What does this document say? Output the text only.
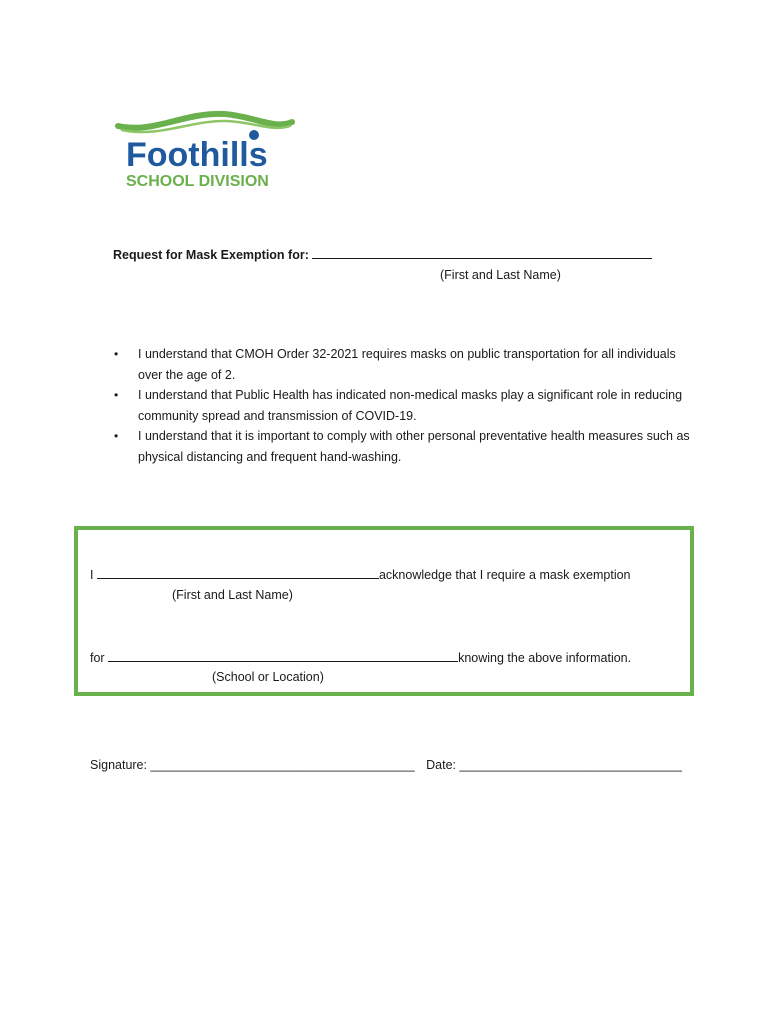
Foothills
SCHOOL DIVISION
Request for Mask Exemption for:
(First and Last Name)
• I understand that CMOH Order 32-2021 requires masks on public transportation for all individuals over the age of 2.
• I understand that Public Health has indicated non-medical masks play a significant role in reducing community spread and transmission of COVID-19.
• I understand that it is important to comply with other personal preventative health measures such as physical distancing and frequent hand-washing.
I	acknowledge that I require a mask exemption
(First and Last Name)
for	knowing the above information.
(School or Location)
Signature: ______________________________________ Date: ________________________________
